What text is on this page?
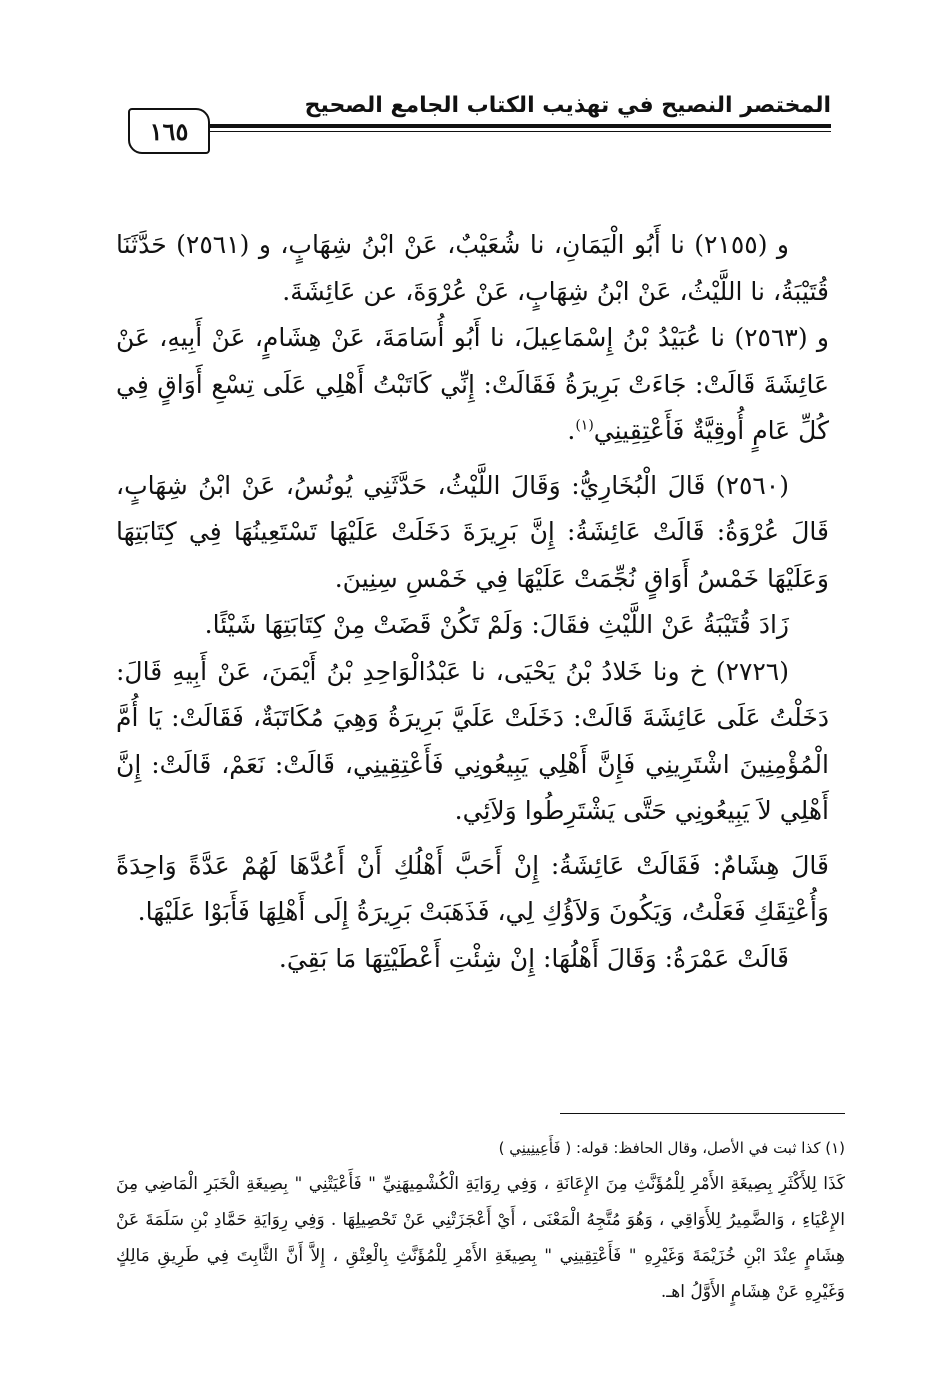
المختصر النصيح في تهذيب الكتاب الجامع الصحيح
١٦٥

و (٢١٥٥) نا أَبُو الْيَمَانِ، نا شُعَيْبٌ، عَنْ ابْنُ شِهَابٍ، و (٢٥٦١) حَدَّثَنَا قُتَيْبَةُ، نا اللَّيْثُ، عَنْ ابْنُ شِهَابٍ، عَنْ عُرْوَةَ، عن عَائِشَةَ.

و (٢٥٦٣) نا عُبَيْدُ بْنُ إِسْمَاعِيلَ، نا أَبُو أُسَامَةَ، عَنْ هِشَامٍ، عَنْ أَبِيهِ، عَنْ عَائِشَةَ قَالَتْ: جَاءَتْ بَرِيرَةُ فَقَالَتْ: إِنِّي كَاتَبْتُ أَهْلِي عَلَى تِسْعِ أَوَاقٍ فِي كُلِّ عَامٍ أُوقِيَّةٌ فَأَعْتِقِينِي$^{(١)}$.

(٢٥٦٠) قَالَ الْبُخَارِيُّ: وَقَالَ اللَّيْثُ، حَدَّثَنِي يُونُسُ، عَنْ ابْنُ شِهَابٍ، قَالَ عُرْوَةُ: قَالَتْ عَائِشَةُ: إِنَّ بَرِيرَةَ دَخَلَتْ عَلَيْهَا تَسْتَعِينُهَا فِي كِتَابَتِهَا وَعَلَيْهَا خَمْسُ أَوَاقٍ نُجِّمَتْ عَلَيْهَا فِي خَمْسِ سِنِينَ.

زَادَ قُتَيْبَةُ عَنْ اللَّيْثِ فقَالَ: وَلَمْ تَكُنْ قَضَتْ مِنْ كِتَابَتِهَا شَيْئًا.

(٢٧٢٦) خ ونا خَلادُ بْنُ يَحْيَى، نا عَبْدُالْوَاحِدِ بْنُ أَيْمَنَ، عَنْ أَبِيهِ قَالَ: دَخَلْتُ عَلَى عَائِشَةَ قَالَتْ: دَخَلَتْ عَلَيَّ بَرِيرَةُ وَهِيَ مُكَاتَبَةٌ، فَقَالَتْ: يَا أُمَّ الْمُؤْمِنِينَ اشْتَرِينِي فَإِنَّ أَهْلِي يَبِيعُونِي فَأَعْتِقِينِي، قَالَتْ: نَعَمْ، قَالَتْ: إِنَّ أَهْلِي لاَ يَبِيعُونِي حَتَّى يَشْتَرِطُوا وَلاَئِي.

قَالَ هِشَامٌ: فَقَالَتْ عَائِشَةُ: إِنْ أَحَبَّ أَهْلُكِ أَنْ أَعُدَّهَا لَهُمْ عَدَّةً وَاحِدَةً وَأُعْتِقَكِ فَعَلْتُ، وَيَكُونَ وَلاَؤُكِ لِي، فَذَهَبَتْ بَرِيرَةُ إِلَى أَهْلِهَا فَأَبَوْا عَلَيْهَا.

قَالَتْ عَمْرَةُ: وَقَالَ أَهْلُهَا: إِنْ شِئْتِ أَعْطَيْتِهَا مَا بَقِيَ.

(١) كذا ثبت في الأصل، وقال الحافظ: قوله: ( فَأَعِينِينِي )

كَذَا لِلأَكْثَرِ بِصِيغَةِ الأَمْرِ لِلْمُؤَنَّثِ مِنَ الإِعَانَةِ ، وَفِي رِوَايَةِ الْكُشْمِيهَنِيِّ " فَأَعْيَتْنِي " بِصِيغَةِ الْخَبَرِ الْمَاضِي مِنَ الإِعْيَاءِ ، وَالضَّمِيرُ لِلأَوَاقِي ، وَهُوَ مُتَّجِهُ الْمَعْنَى ، أَيْ أَعْجَزَتْنِي عَنْ تَحْصِيلِهَا . وَفِي رِوَايَةِ حَمَّادِ بْنِ سَلَمَةَ عَنْ هِشَامٍ عِنْدَ ابْنِ خُزَيْمَةَ وَغَيْرِهِ " فَأَعْتِقِينِي " بِصِيغَةِ الأَمْرِ لِلْمُؤَنَّثِ بِالْعِتْقِ ، إِلاَّ أَنَّ الثَّابِتَ فِي طَرِيقِ مَالِكٍ وَغَيْرِهِ عَنْ هِشَامٍ الأَوَّلُ اهـ.
